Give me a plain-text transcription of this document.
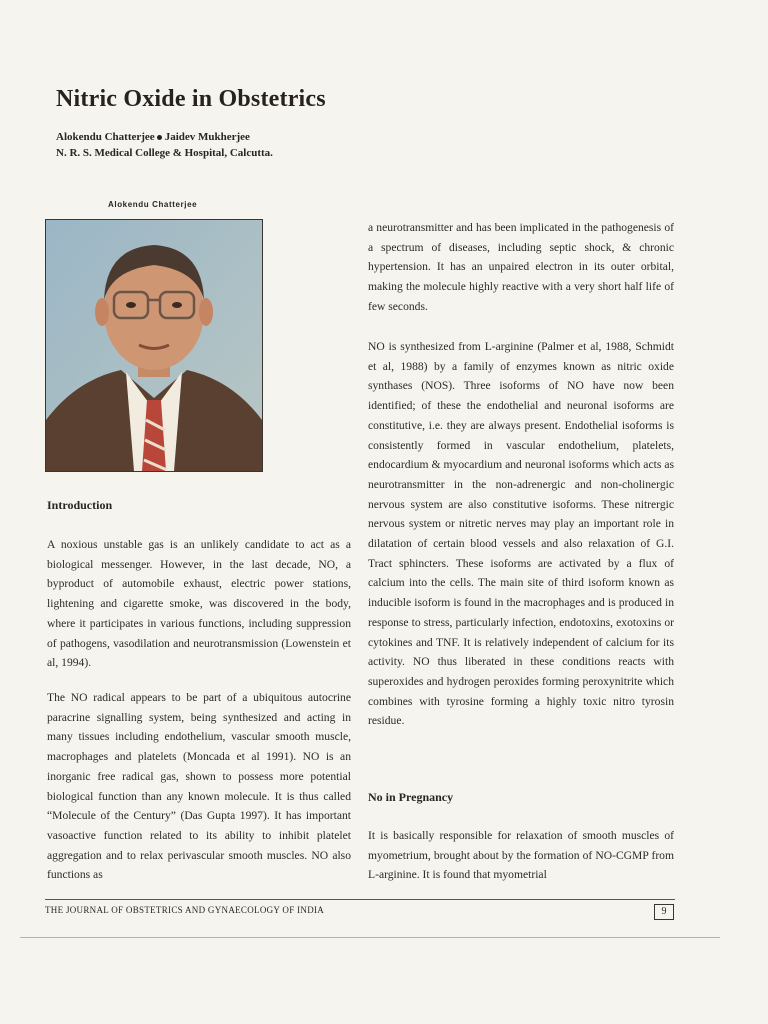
Nitric Oxide in Obstetrics
Alokendu Chatterjee Jaidev Mukherjee
N. R. S. Medical College & Hospital, Calcutta.
Alokendu Chatterjee
Introduction

A noxious unstable gas is an unlikely candidate to act as a biological messenger. However, in the last decade, NO, a byproduct of automobile exhaust, electric power stations, lightening and cigarette smoke, was discovered in the body, where it participates in various functions, including suppression of pathogens, vasodilation and neurotransmission (Lowenstein et al, 1994).

The NO radical appears to be part of a ubiquitous autocrine paracrine signalling system, being synthesized and acting in many tissues including endothelium, vascular smooth muscle, macrophages and platelets (Moncada et al 1991). NO is an inorganic free radical gas, shown to possess more potential biological function than any known molecule. It is thus called “Molecule of the Century” (Das Gupta 1997). It has important vasoactive function related to its ability to inhibit platelet aggregation and to relax perivascular smooth muscles. NO also functions as

a neurotransmitter and has been implicated in the pathogenesis of a spectrum of diseases, including septic shock, & chronic hypertension. It has an unpaired electron in its outer orbital, making the molecule highly reactive with a very short half life of few seconds.

NO is synthesized from L-arginine (Palmer et al, 1988, Schmidt et al, 1988) by a family of enzymes known as nitric oxide synthases (NOS). Three isoforms of NO have now been identified; of these the endothelial and neuronal isoforms are constitutive, i.e. they are always present. Endothelial isoforms is consistently formed in vascular endothelium, platelets, endocardium & myocardium and neuronal isoforms which acts as neurotransmitter in the non-adrenergic and non-cholinergic nervous system are also constitutive isoforms. These nitrergic nervous system or nitretic nerves may play an important role in dilatation of certain blood vessels and also relaxation of G.I. Tract sphincters. These isoforms are activated by a flux of calcium into the cells. The main site of third isoform known as inducible isoform is found in the macrophages and is produced in response to stress, particularly infection, endotoxins, exotoxins or cytokines and TNF. It is relatively independent of calcium for its activity. NO thus liberated in these conditions reacts with superoxides and hydrogen peroxides forming peroxynitrite which combines with tyrosine forming a highly toxic nitro tyrosin residue.

No in Pregnancy

It is basically responsible for relaxation of smooth muscles of myometrium, brought about by the formation of NO-CGMP from L-arginine. It is found that myometrial

THE JOURNAL OF OBSTETRICS AND GYNAECOLOGY OF INDIA	9
